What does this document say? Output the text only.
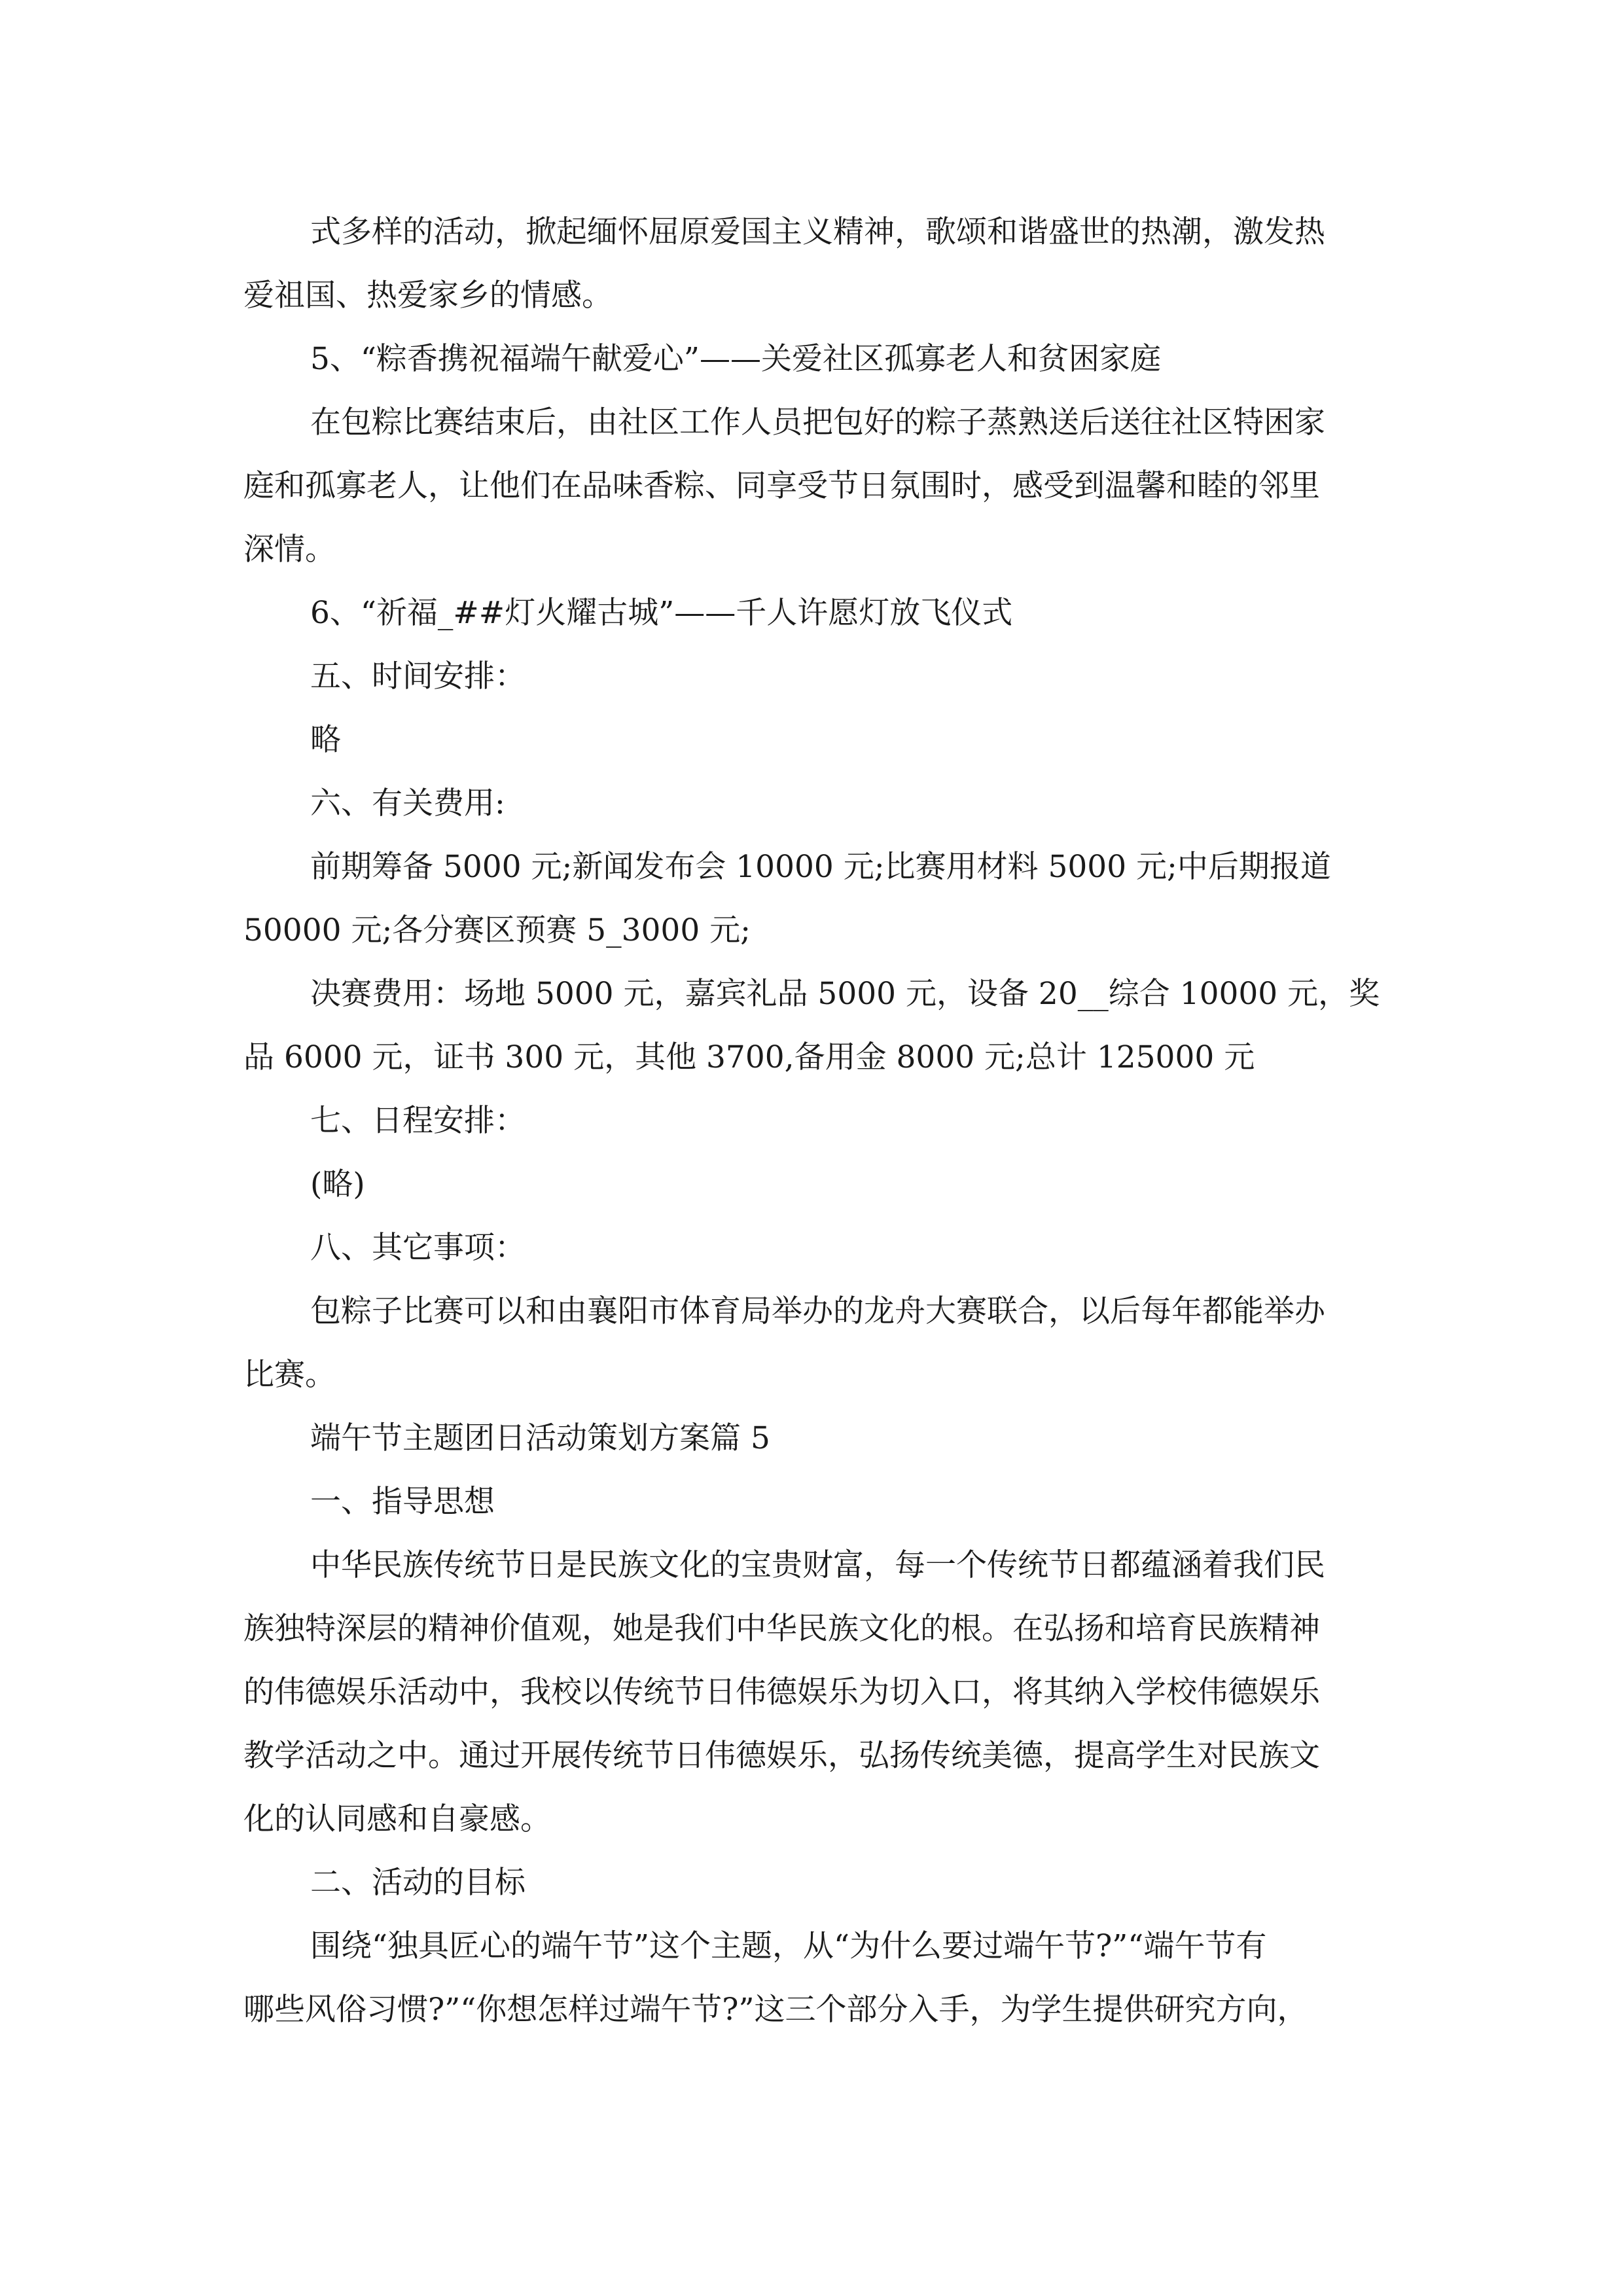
式多样的活动，掀起缅怀屈原爱国主义精神，歌颂和谐盛世的热潮，激发热

爱祖国、热爱家乡的情感。

5、“粽香携祝福端午献爱心”——关爱社区孤寡老人和贫困家庭

在包粽比赛结束后，由社区工作人员把包好的粽子蒸熟送后送往社区特困家

庭和孤寡老人，让他们在品味香粽、同享受节日氛围时，感受到温馨和睦的邻里

深情。

6、“祈福_##灯火耀古城”——千人许愿灯放飞仪式

五、时间安排：

略

六、有关费用:

前期筹备 5000 元;新闻发布会 10000 元;比赛用材料 5000 元;中后期报道

50000 元;各分赛区预赛 5_3000 元;

决赛费用：场地 5000 元，嘉宾礼品 5000 元，设备 20__综合 10000 元，奖

品 6000 元，证书 300 元，其他 3700,备用金 8000 元;总计 125000 元

七、日程安排：

(略)

八、其它事项：

包粽子比赛可以和由襄阳市体育局举办的龙舟大赛联合，以后每年都能举办

比赛。

端午节主题团日活动策划方案篇 5

一、指导思想

中华民族传统节日是民族文化的宝贵财富，每一个传统节日都蕴涵着我们民

族独特深层的精神价值观，她是我们中华民族文化的根。在弘扬和培育民族精神

的伟德娱乐活动中，我校以传统节日伟德娱乐为切入口，将其纳入学校伟德娱乐

教学活动之中。通过开展传统节日伟德娱乐，弘扬传统美德，提高学生对民族文

化的认同感和自豪感。

二、活动的目标

围绕“独具匠心的端午节”这个主题，从“为什么要过端午节?”“端午节有

哪些风俗习惯?”“你想怎样过端午节?”这三个部分入手，为学生提供研究方向，
